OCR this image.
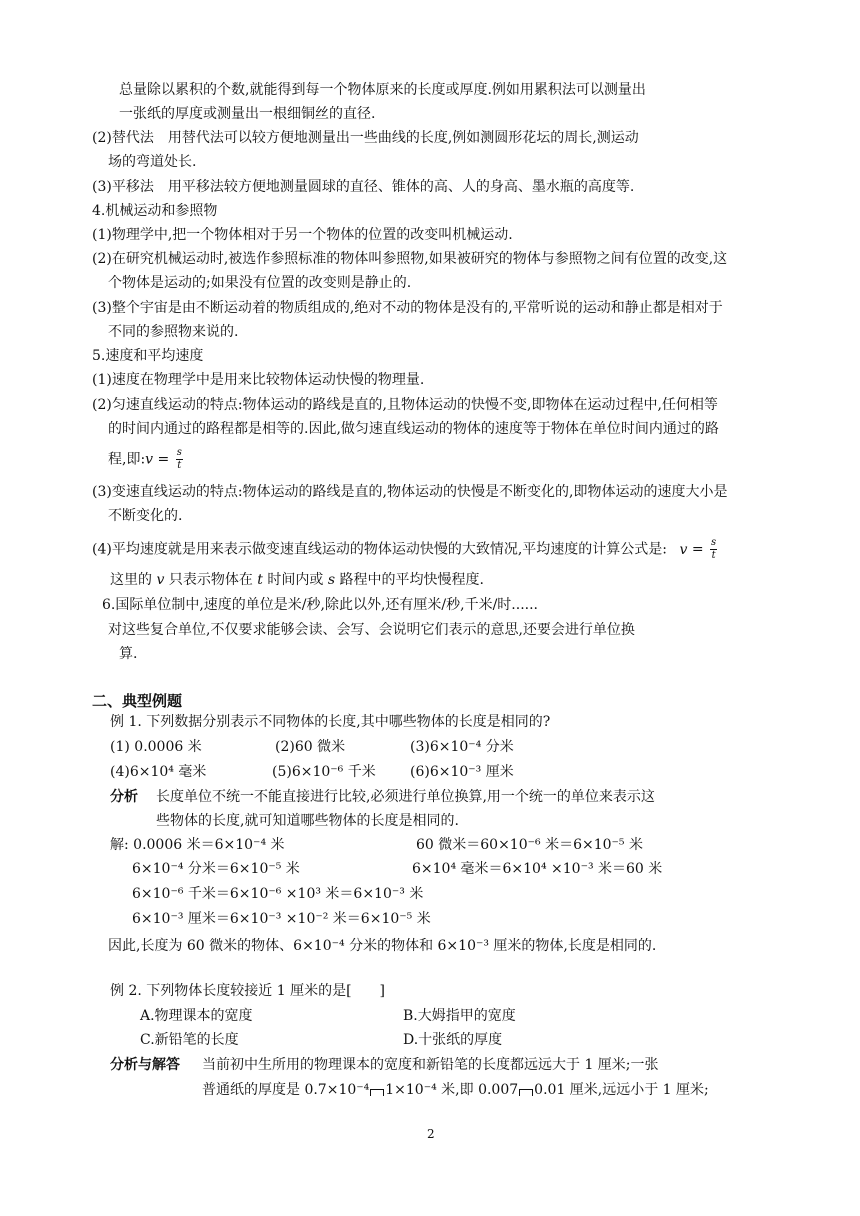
总量除以累积的个数,就能得到每一个物体原来的长度或厚度.例如用累积法可以测量出
一张纸的厚度或测量出一根细铜丝的直径.
(2)替代法　用替代法可以较方便地测量出一些曲线的长度,例如测圆形花坛的周长,测运动
场的弯道处长.
(3)平移法　用平移法较方便地测量圆球的直径、锥体的高、人的身高、墨水瓶的高度等.
4.机械运动和参照物
(1)物理学中,把一个物体相对于另一个物体的位置的改变叫机械运动.
(2)在研究机械运动时,被选作参照标准的物体叫参照物,如果被研究的物体与参照物之间有位置的改变,这
个物体是运动的;如果没有位置的改变则是静止的.
(3)整个宇宙是由不断运动着的物质组成的,绝对不动的物体是没有的,平常听说的运动和静止都是相对于
不同的参照物来说的.
5.速度和平均速度
(1)速度在物理学中是用来比较物体运动快慢的物理量.
(2)匀速直线运动的特点:物体运动的路线是直的,且物体运动的快慢不变,即物体在运动过程中,任何相等
的时间内通过的路程都是相等的.因此,做匀速直线运动的物体的速度等于物体在单位时间内通过的路
程,即:v = $\frac{s}{t}$
(3)变速直线运动的特点:物体运动的路线是直的,物体运动的快慢是不断变化的,即物体运动的速度大小是
不断变化的.
(4)平均速度就是用来表示做变速直线运动的物体运动快慢的大致情况,平均速度的计算公式是: $v = \frac{s}{t}$
这里的 v 只表示物体在 t 时间内或 s 路程中的平均快慢程度.
6.国际单位制中,速度的单位是米/秒,除此以外,还有厘米/秒,千米/时......
对这些复合单位,不仅要求能够会读、会写、会说明它们表示的意思,还要会进行单位换
算.
二、典型例题
例 1. 下列数据分别表示不同物体的长度,其中哪些物体的长度是相同的?
(1) 0.0006 米	(2)60 微米	(3)6×10⁻⁴ 分米
(4)6×10⁴ 毫米	(5)6×10⁻⁶ 千米 (6)6×10⁻³ 厘米
分析 长度单位不统一不能直接进行比较,必须进行单位换算,用一个统一的单位来表示这
些物体的长度,就可知道哪些物体的长度是相同的.
解: 0.0006 米＝6×10⁻⁴ 米	60 微米＝60×10⁻⁶ 米＝6×10⁻⁵ 米
6×10⁻⁴ 分米＝6×10⁻⁵ 米	6×10⁴ 毫米＝6×10⁴ ×10⁻³ 米＝60 米
6×10⁻⁶ 千米＝6×10⁻⁶ ×10³ 米＝6×10⁻³ 米
6×10⁻³ 厘米＝6×10⁻³ ×10⁻² 米＝6×10⁻⁵ 米
因此,长度为 60 微米的物体、6×10⁻⁴ 分米的物体和 6×10⁻³ 厘米的物体,长度是相同的.
例 2. 下列物体长度较接近 1 厘米的是[　　]
A.物理课本的宽度	B.大姆指甲的宽度
C.新铅笔的长度	D.十张纸的厚度
分析与解答 当前初中生所用的物理课本的宽度和新铅笔的长度都远远大于 1 厘米;一张
普通纸的厚度是 0.7×10⁻⁴ 1×10⁻⁴ 米,即 0.007 0.01 厘米,远远小于 1 厘米;
2
